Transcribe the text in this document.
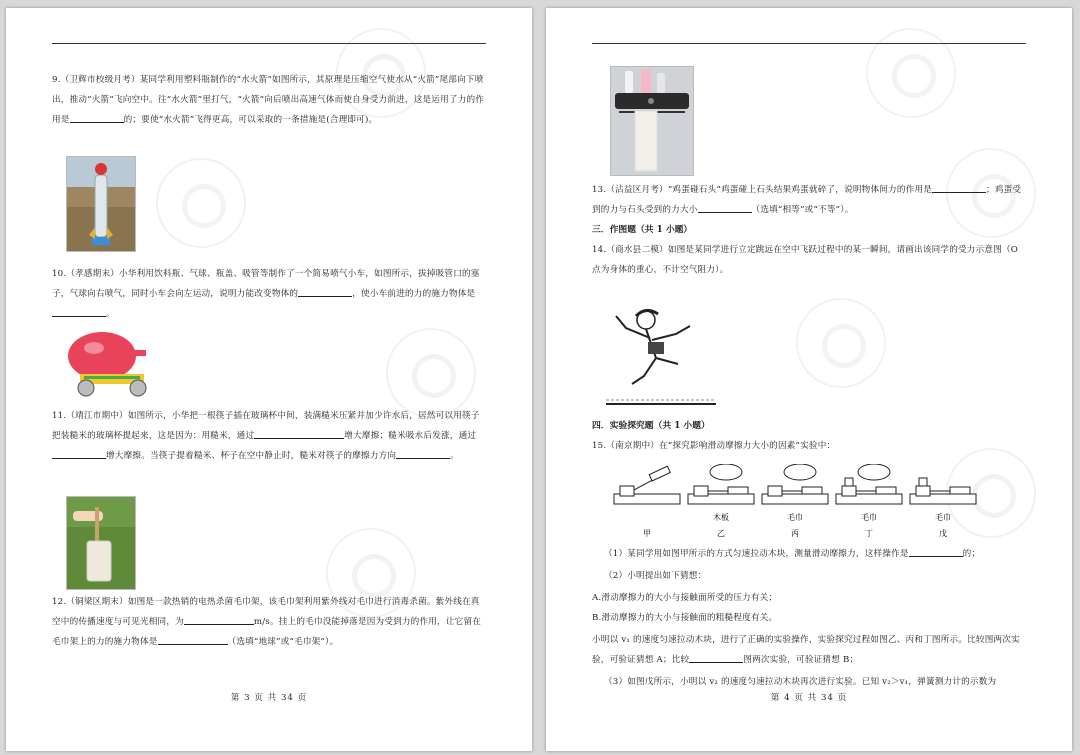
9.（卫辉市校级月考）某同学利用塑料瓶制作的“水火箭”如图所示，其原理是压缩空气使水从“火箭”尾部向下喷出，推动“火箭”飞向空中。往“水火箭”里打气，“火箭”向后喷出高速气体而使自身受力前进，这是运用了力的作用是	的；要使“水火箭”飞得更高，可以采取的一条措施是(合理即可)。
10.（孝感期末）小华利用饮料瓶、气球、瓶盖、吸管等制作了一个简易喷气小车，如图所示，拔掉吸管口的塞子，气球向右喷气，同时小车会向左运动，说明力能改变物体的	，使小车前进的力的施力物体是。
11.（靖江市期中）如图所示，小华把一根筷子插在玻璃杯中间，装满糙米压紧并加少许水后，居然可以用筷子把装糙米的玻璃杯提起来，这是因为：用糙米，通过	增大摩擦；糙米吸水后发涨，通过增大摩擦。当筷子提着糙米、杯子在空中静止时，糙米对筷子的摩擦力方向	。
12.（铜梁区期末）如图是一款热销的电热杀菌毛巾架，该毛巾架利用紫外线对毛巾进行消毒杀菌。紫外线在真空中的传播速度与可见光相同，为	m/s。挂上的毛巾没能掉落是因为受到力的作用，让它留在毛巾架上的力的施力物体是	（选填“地球”或“毛巾架”）。
第 3 页 共 34 页
13.（沾益区月考）“鸡蛋碰石头”鸡蛋碰上石头结果鸡蛋就碎了，说明物体间力的作用是	；鸡蛋受到的力与石头受到的力大小	（选填“相等”或“不等”）。
三．作图题（共 1 小题）
14.（商水县二模）如图是某同学进行立定跳远在空中飞跃过程中的某一瞬间，请画出该同学的受力示意图（O 点为身体的重心，不计空气阻力）。
四．实验探究题（共 1 小题）
15.（南京期中）在“探究影响滑动摩擦力大小的因素”实验中：
木板	毛巾	毛巾	毛巾
甲	乙	丙	丁	戊
（1）某同学用如图甲所示的方式匀速拉动木块，测量滑动摩擦力，这样操作是	的；
（2）小明提出如下猜想：
A.滑动摩擦力的大小与接触面所受的压力有关；
B.滑动摩擦力的大小与接触面的粗糙程度有关。
小明以 v₁ 的速度匀速拉动木块，进行了正确的实验操作，实验探究过程如图乙、丙和丁图所示。比较图两次实验，可验证猜想 A；比较	图两次实验，可验证猜想 B；
（3）如图戊所示，小明以 v₂ 的速度匀速拉动木块再次进行实验。已知 v₂＞v₁，弹簧测力计的示数为
第 4 页 共 34 页
